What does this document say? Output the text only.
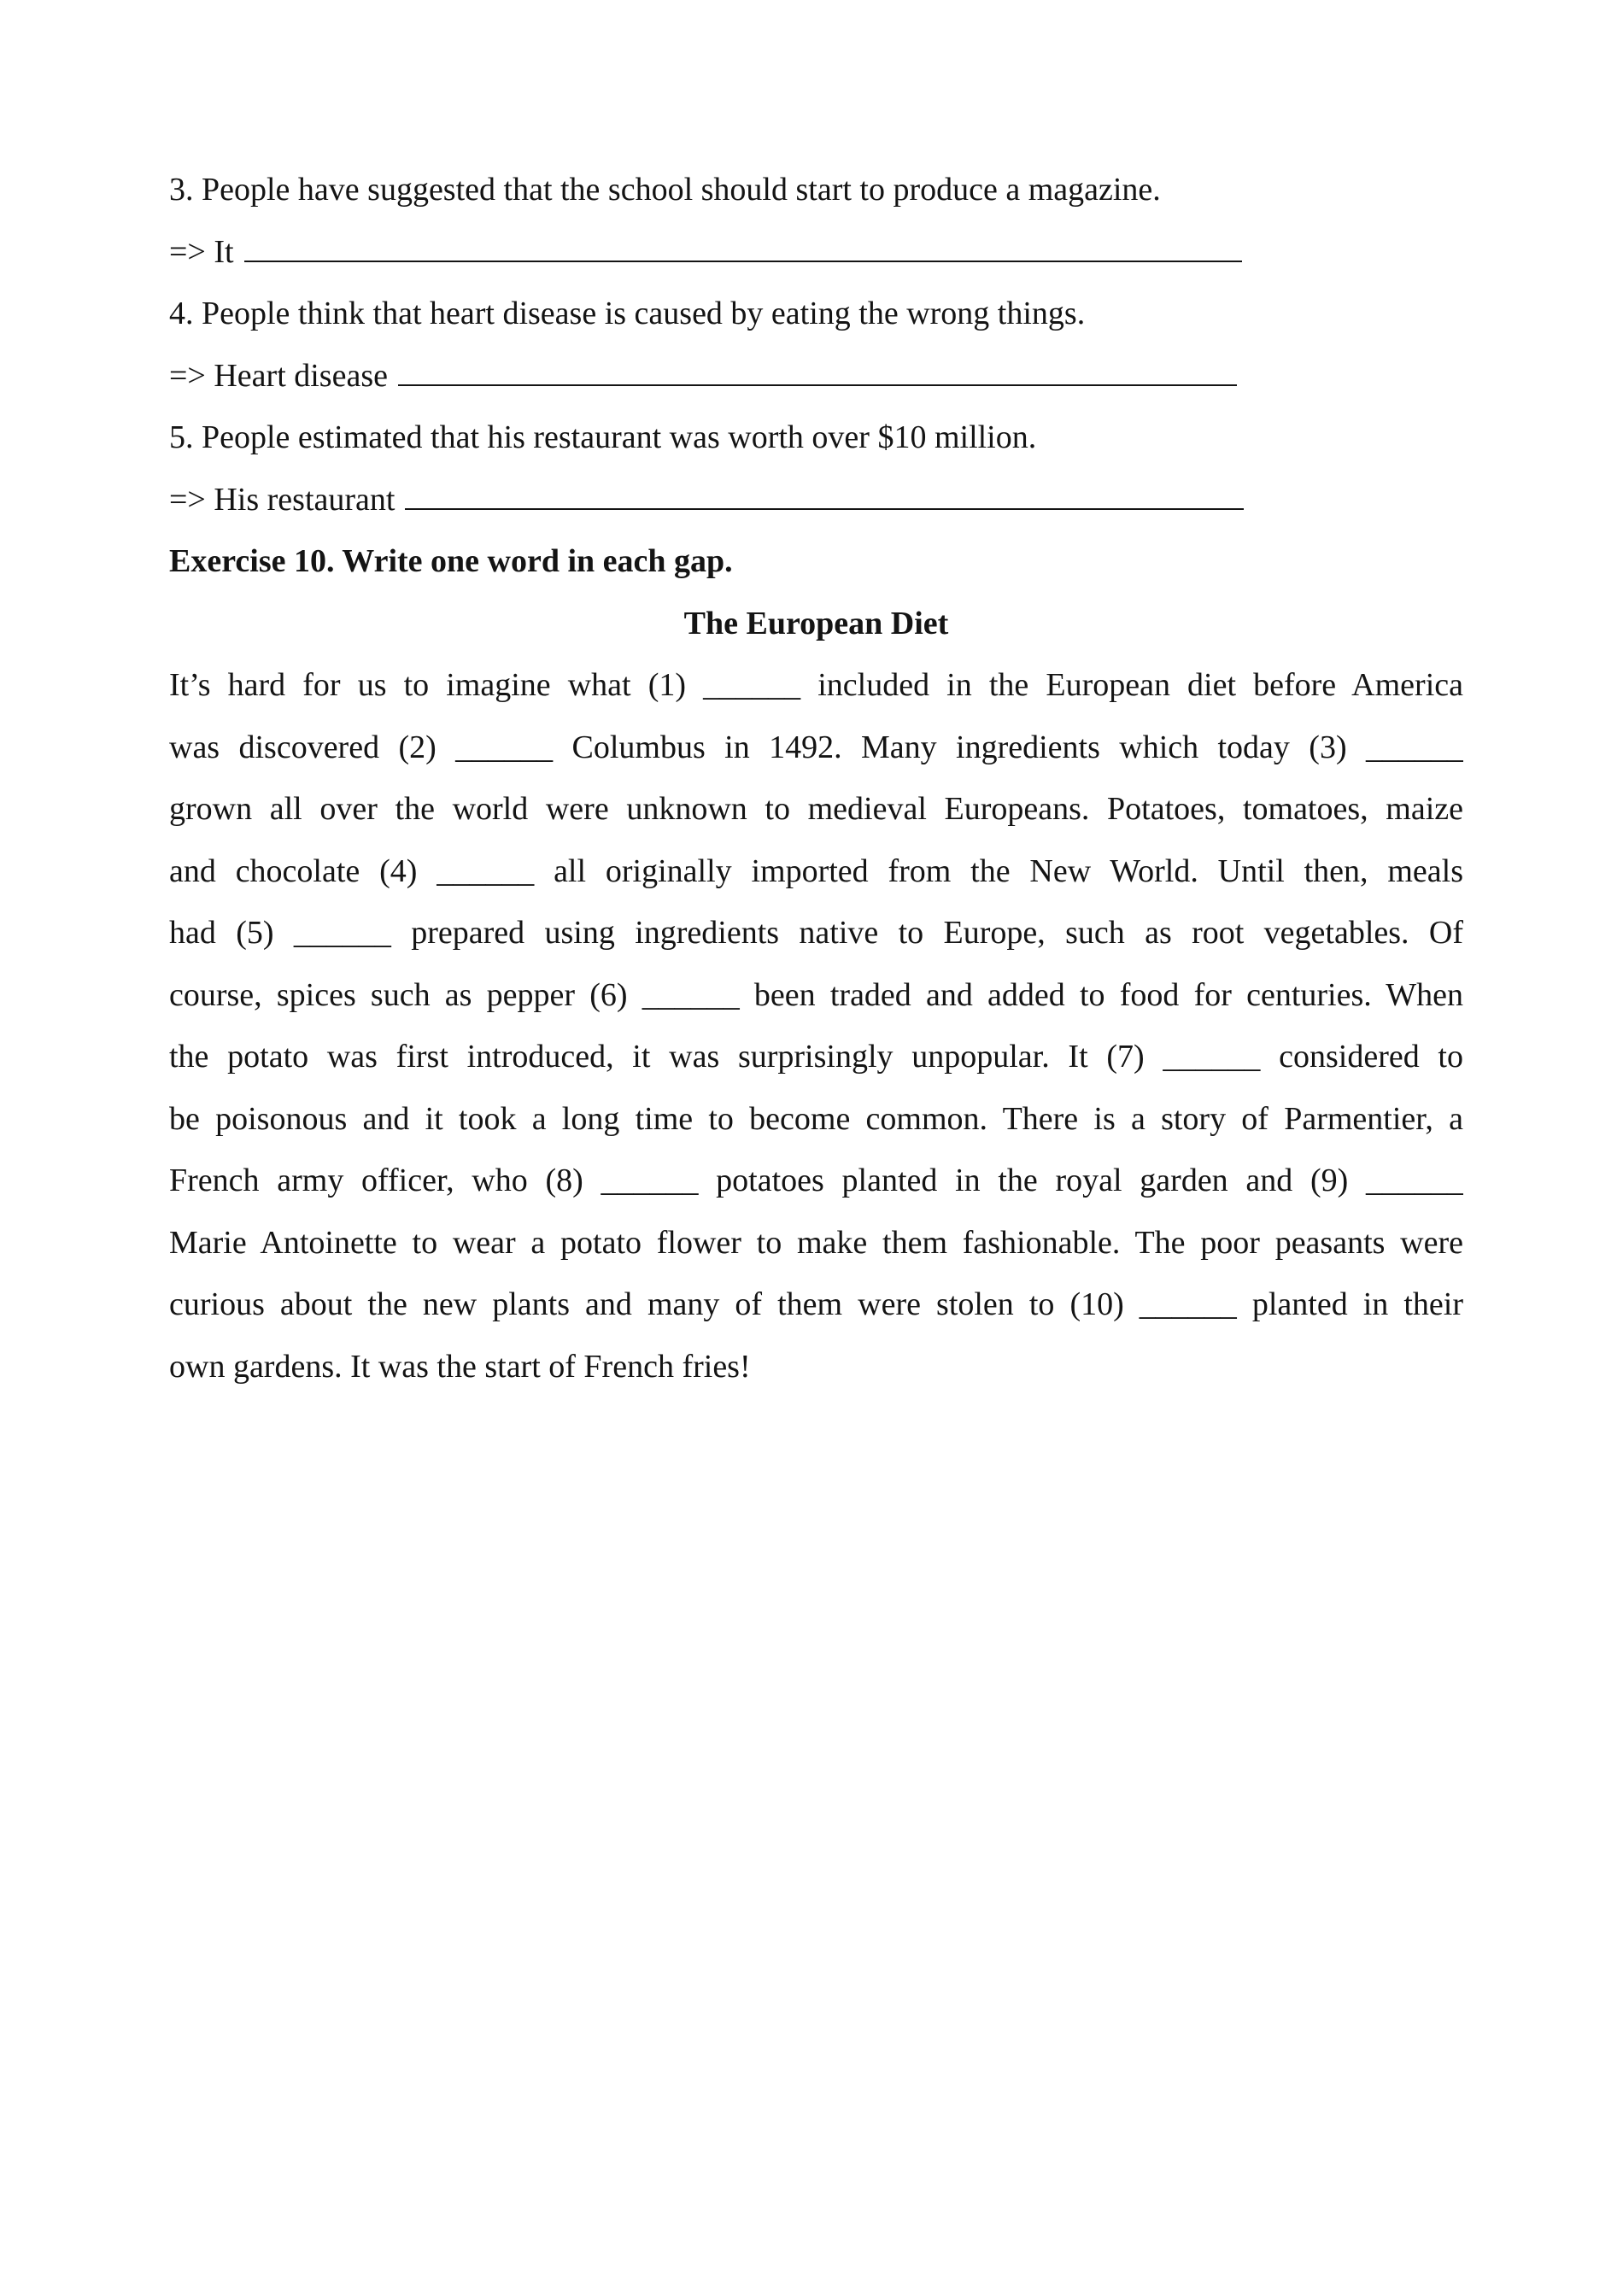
3. People have suggested that the school should start to produce a magazine.
=> It
4. People think that heart disease is caused by eating the wrong things.
=> Heart disease
5. People estimated that his restaurant was worth over $10 million.
=> His restaurant
Exercise 10. Write one word in each gap.
The European Diet
It’s hard for us to imagine what (1) ______ included in the European diet before America
was discovered (2) ______ Columbus in 1492. Many ingredients which today (3) ______
grown all over the world were unknown to medieval Europeans. Potatoes, tomatoes, maize
and chocolate (4) ______ all originally imported from the New World. Until then, meals
had (5) ______ prepared using ingredients native to Europe, such as root vegetables. Of
course, spices such as pepper (6) ______ been traded and added to food for centuries. When
the potato was first introduced, it was surprisingly unpopular. It (7) ______ considered to
be poisonous and it took a long time to become common. There is a story of Parmentier, a
French army officer, who (8) ______ potatoes planted in the royal garden and (9) ______
Marie Antoinette to wear a potato flower to make them fashionable. The poor peasants were
curious about the new plants and many of them were stolen to (10) ______ planted in their
own gardens. It was the start of French fries!
